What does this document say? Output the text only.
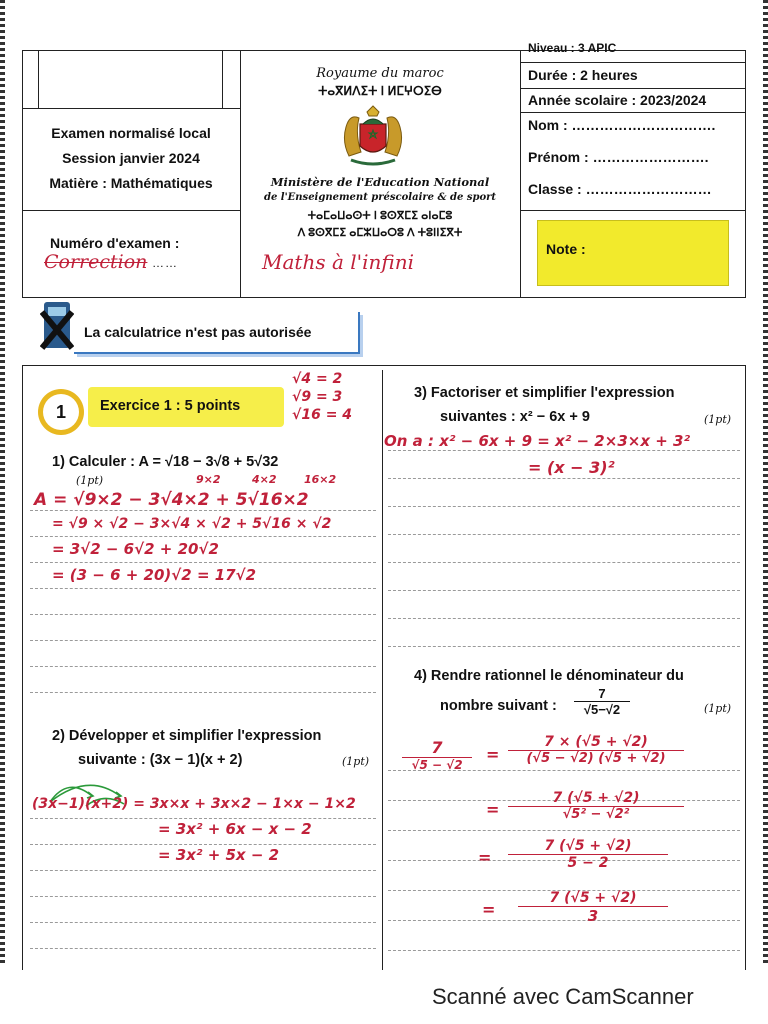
Niveau : 3 APIC
Durée : 2 heures
Année scolaire : 2023/2024
Nom : ………………………….
Prénom : …………………….
Classe : ………………………
Note :
Examen normalisé local
Session janvier 2024
Matière : Mathématiques
Numéro d'examen :
Correction ……
Royaume du maroc
ⵜⴰⴳⵍⴷⵉⵜ ⵏ ⵍⵎⵖⵔⵉⴱ
Ministère de l'Education National
de l'Enseignement préscolaire & de sport
ⵜⴰⵎⴰⵡⴰⵙⵜ ⵏ ⵓⵙⴳⵎⵉ ⴰⵏⴰⵎⵓ
ⴷ ⵓⵙⴳⵎⵉ ⴰⵎⵣⵡⴰⵔⵓ ⴷ ⵜⵓⵏⵏⵉⴳⵜ
Maths à l'infini
La calculatrice n'est pas autorisée
1	Exercice 1 : 5 points
√4 = 2
√9 = 3
√16 = 4
1) Calculer : A = √18 − 3√8 + 5√32
(1pt)	9×2	4×2 16×2
A = √9×2 − 3√4×2 + 5√16×2
= √9 × √2 − 3×√4 × √2 + 5√16 × √2
= 3√2 − 6√2 + 20√2
= (3 − 6 + 20)√2 = 17√2
2) Développer et simplifier l'expression
suivante : (3x − 1)(x + 2)	(1pt)
(3x−1)(x+2) = 3x×x + 3x×2 − 1×x − 1×2
= 3x² + 6x − x − 2
= 3x² + 5x − 2
3) Factoriser et simplifier l'expression
suivantes : x² − 6x + 9	(1pt)
On a : x² − 6x + 9 = x² − 2×3×x + 3²
= (x − 3)²
4) Rendre rationnel le dénominateur du
nombre suivant : $\frac{7}{√5-√2}$	(1pt)
7
√5 − √2
= $\frac{7 \times (√5 + √2)}{(√5 - √2) (√5 + √2)}$
= $\frac{7 (√5 + √2)}{\text{√5² − √2²}}$
= $\frac{7 (√5 + √2)}{5 - 2}$
= $\frac{7 (√5 + √2)}{3}$
Scanné avec CamScanner
